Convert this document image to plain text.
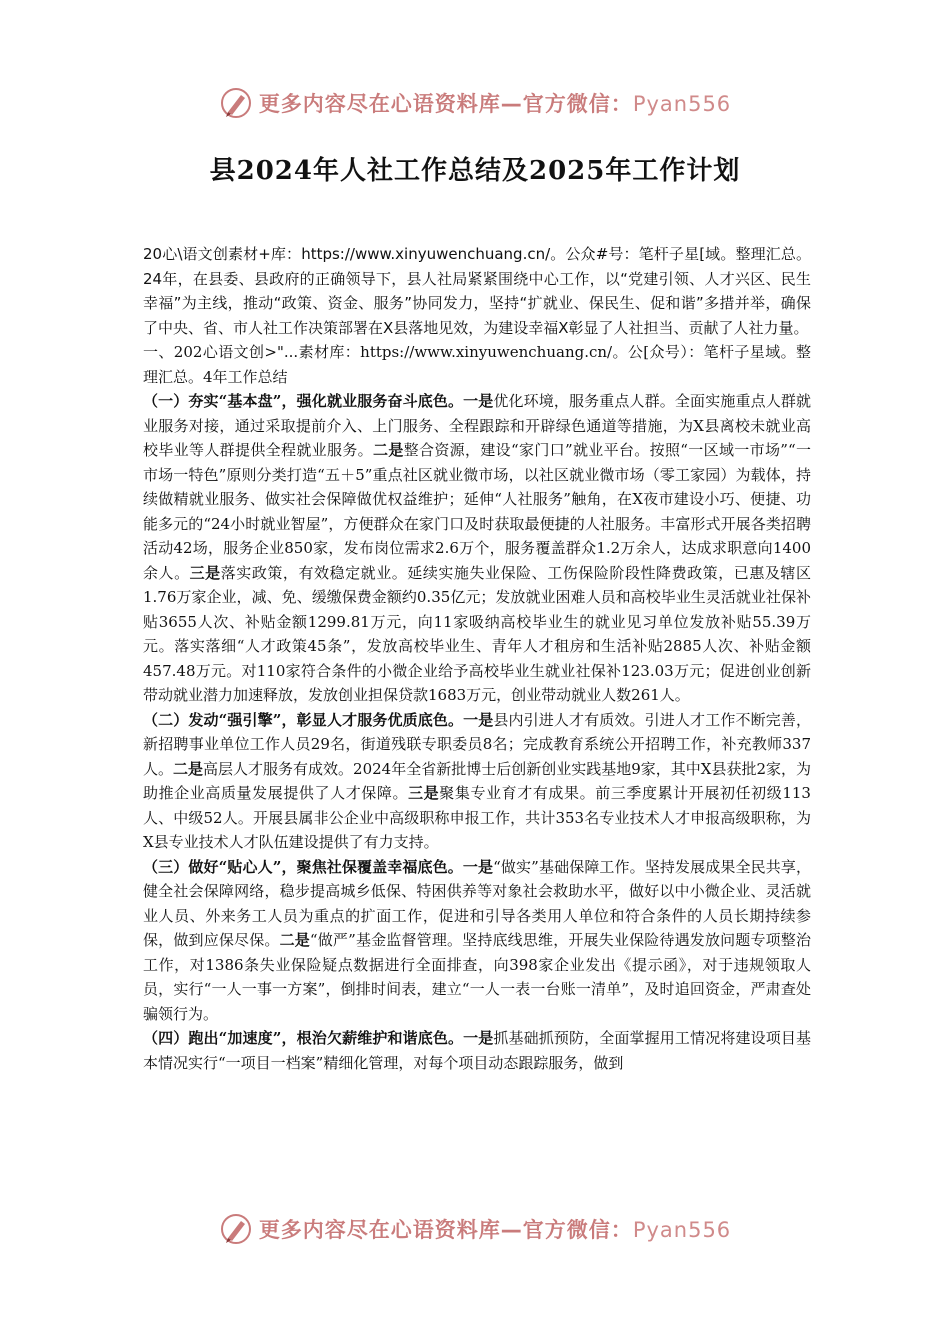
更多内容尽在心语资料库—官方微信：Pyan556
县2024年人社工作总结及2025年工作计划

20心\语文创素材+库：https://www.xinyuwenchuang.cn/。公众#号：笔杆子星[域。整理汇总。24年，在县委、县政府的正确领导下，县人社局紧紧围绕中心工作，以“党建引领、人才兴区、民生幸福”为主线，推动“政策、资金、服务”协同发力，坚持“扩就业、保民生、促和谐”多措并举，确保了中央、省、市人社工作决策部署在X县落地见效，为建设幸福X彰显了人社担当、贡献了人社力量。

一、202心语文创>"...素材库：https://www.xinyuwenchuang.cn/。公[众号）：笔杆子星域。整理汇总。4年工作总结

（一）夯实“基本盘”，强化就业服务奋斗底色。一是优化环境，服务重点人群。全面实施重点人群就业服务对接，通过采取提前介入、上门服务、全程跟踪和开辟绿色通道等措施，为X县离校未就业高校毕业等人群提供全程就业服务。二是整合资源，建设“家门口”就业平台。按照“一区域一市场”“一市场一特色”原则分类打造“五＋5”重点社区就业微市场，以社区就业微市场（零工家园）为载体，持续做精就业服务、做实社会保障做优权益维护；延伸“人社服务”触角，在X夜市建设小巧、便捷、功能多元的“24小时就业智屋”，方便群众在家门口及时获取最便捷的人社服务。丰富形式开展各类招聘活动42场，服务企业850家，发布岗位需求2.6万个，服务覆盖群众1.2万余人，达成求职意向1400余人。三是落实政策，有效稳定就业。延续实施失业保险、工伤保险阶段性降费政策，已惠及辖区1.76万家企业，减、免、缓缴保费金额约0.35亿元；发放就业困难人员和高校毕业生灵活就业社保补贴3655人次、补贴金额1299.81万元，向11家吸纳高校毕业生的就业见习单位发放补贴55.39万元。落实落细“人才政策45条”，发放高校毕业生、青年人才租房和生活补贴2885人次、补贴金额457.48万元。对110家符合条件的小微企业给予高校毕业生就业社保补123.03万元；促进创业创新带动就业潜力加速释放，发放创业担保贷款1683万元，创业带动就业人数261人。

（二）发动“强引擎”，彰显人才服务优质底色。一是县内引进人才有质效。引进人才工作不断完善，新招聘事业单位工作人员29名，街道残联专职委员8名；完成教育系统公开招聘工作，补充教师337人。二是高层人才服务有成效。2024年全省新批博士后创新创业实践基地9家，其中X县获批2家，为助推企业高质量发展提供了人才保障。三是聚集专业育才有成果。前三季度累计开展初任初级113人、中级52人。开展县属非公企业中高级职称申报工作，共计353名专业技术人才申报高级职称，为X县专业技术人才队伍建设提供了有力支持。

（三）做好“贴心人”，聚焦社保覆盖幸福底色。一是“做实”基础保障工作。坚持发展成果全民共享，健全社会保障网络，稳步提高城乡低保、特困供养等对象社会救助水平，做好以中小微企业、灵活就业人员、外来务工人员为重点的扩面工作，促进和引导各类用人单位和符合条件的人员长期持续参保，做到应保尽保。二是“做严”基金监督管理。坚持底线思维，开展失业保险待遇发放问题专项整治工作，对1386条失业保险疑点数据进行全面排查，向398家企业发出《提示函》，对于违规领取人员，实行“一人一事一方案”，倒排时间表，建立“一人一表一台账一清单”，及时追回资金，严肃查处骗领行为。

（四）跑出“加速度”，根治欠薪维护和谐底色。一是抓基础抓预防，全面掌握用工情况将建设项目基本情况实行“一项目一档案”精细化管理，对每个项目动态跟踪服务，做到

更多内容尽在心语资料库—官方微信：Pyan556
